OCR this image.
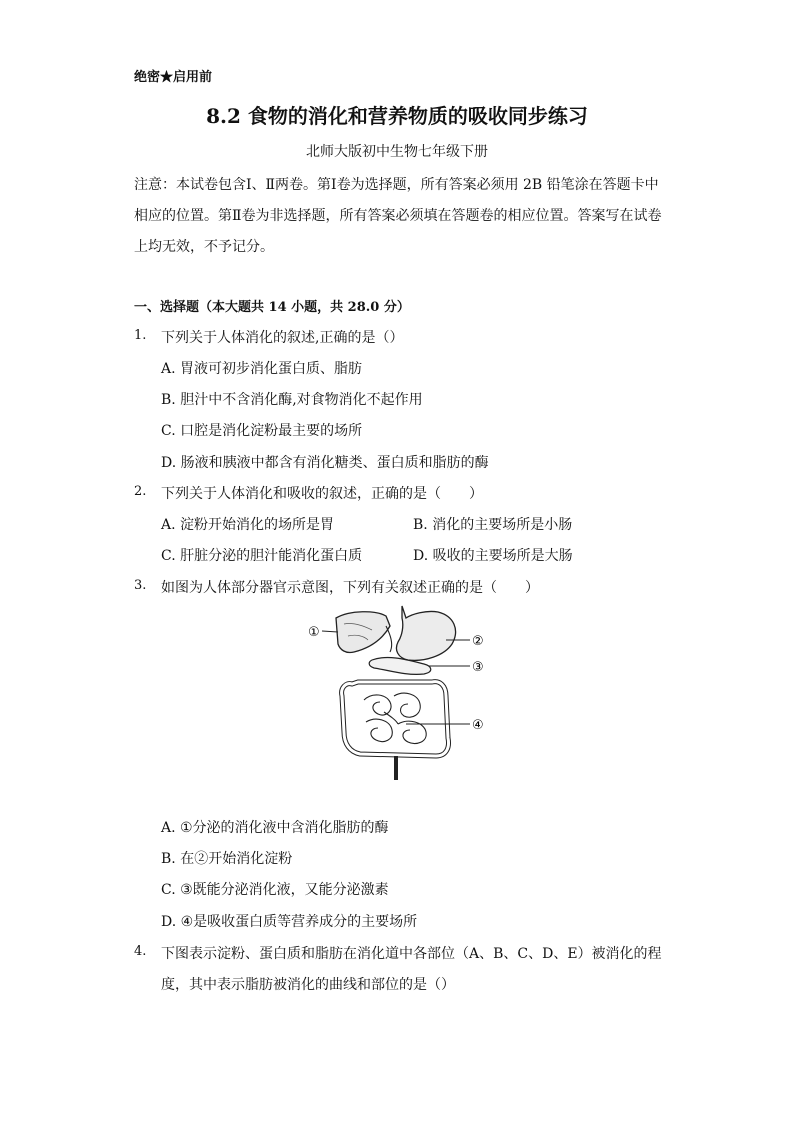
绝密★启用前
8.2 食物的消化和营养物质的吸收同步练习
北师大版初中生物七年级下册
注意：本试卷包含Ⅰ、Ⅱ两卷。第Ⅰ卷为选择题，所有答案必须用 2B 铅笔涂在答题卡中相应的位置。第Ⅱ卷为非选择题，所有答案必须填在答题卷的相应位置。答案写在试卷上均无效，不予记分。
一、选择题（本大题共 14 小题，共 28.0 分）
1. 下列关于人体消化的叙述,正确的是（）
A. 胃液可初步消化蛋白质、脂肪
B. 胆汁中不含消化酶,对食物消化不起作用
C. 口腔是消化淀粉最主要的场所
D. 肠液和胰液中都含有消化糖类、蛋白质和脂肪的酶
2. 下列关于人体消化和吸收的叙述，正确的是（　　）
A. 淀粉开始消化的场所是胃	B. 消化的主要场所是小肠
C. 肝脏分泌的胆汁能消化蛋白质	D. 吸收的主要场所是大肠
3. 如图为人体部分器官示意图，下列有关叙述正确的是（　　）
①
②
③
④
A. ①分泌的消化液中含消化脂肪的酶
B. 在②开始消化淀粉
C. ③既能分泌消化液，又能分泌激素
D. ④是吸收蛋白质等营养成分的主要场所
4. 下图表示淀粉、蛋白质和脂肪在消化道中各部位（A、B、C、D、E）被消化的程
度，其中表示脂肪被消化的曲线和部位的是（）
